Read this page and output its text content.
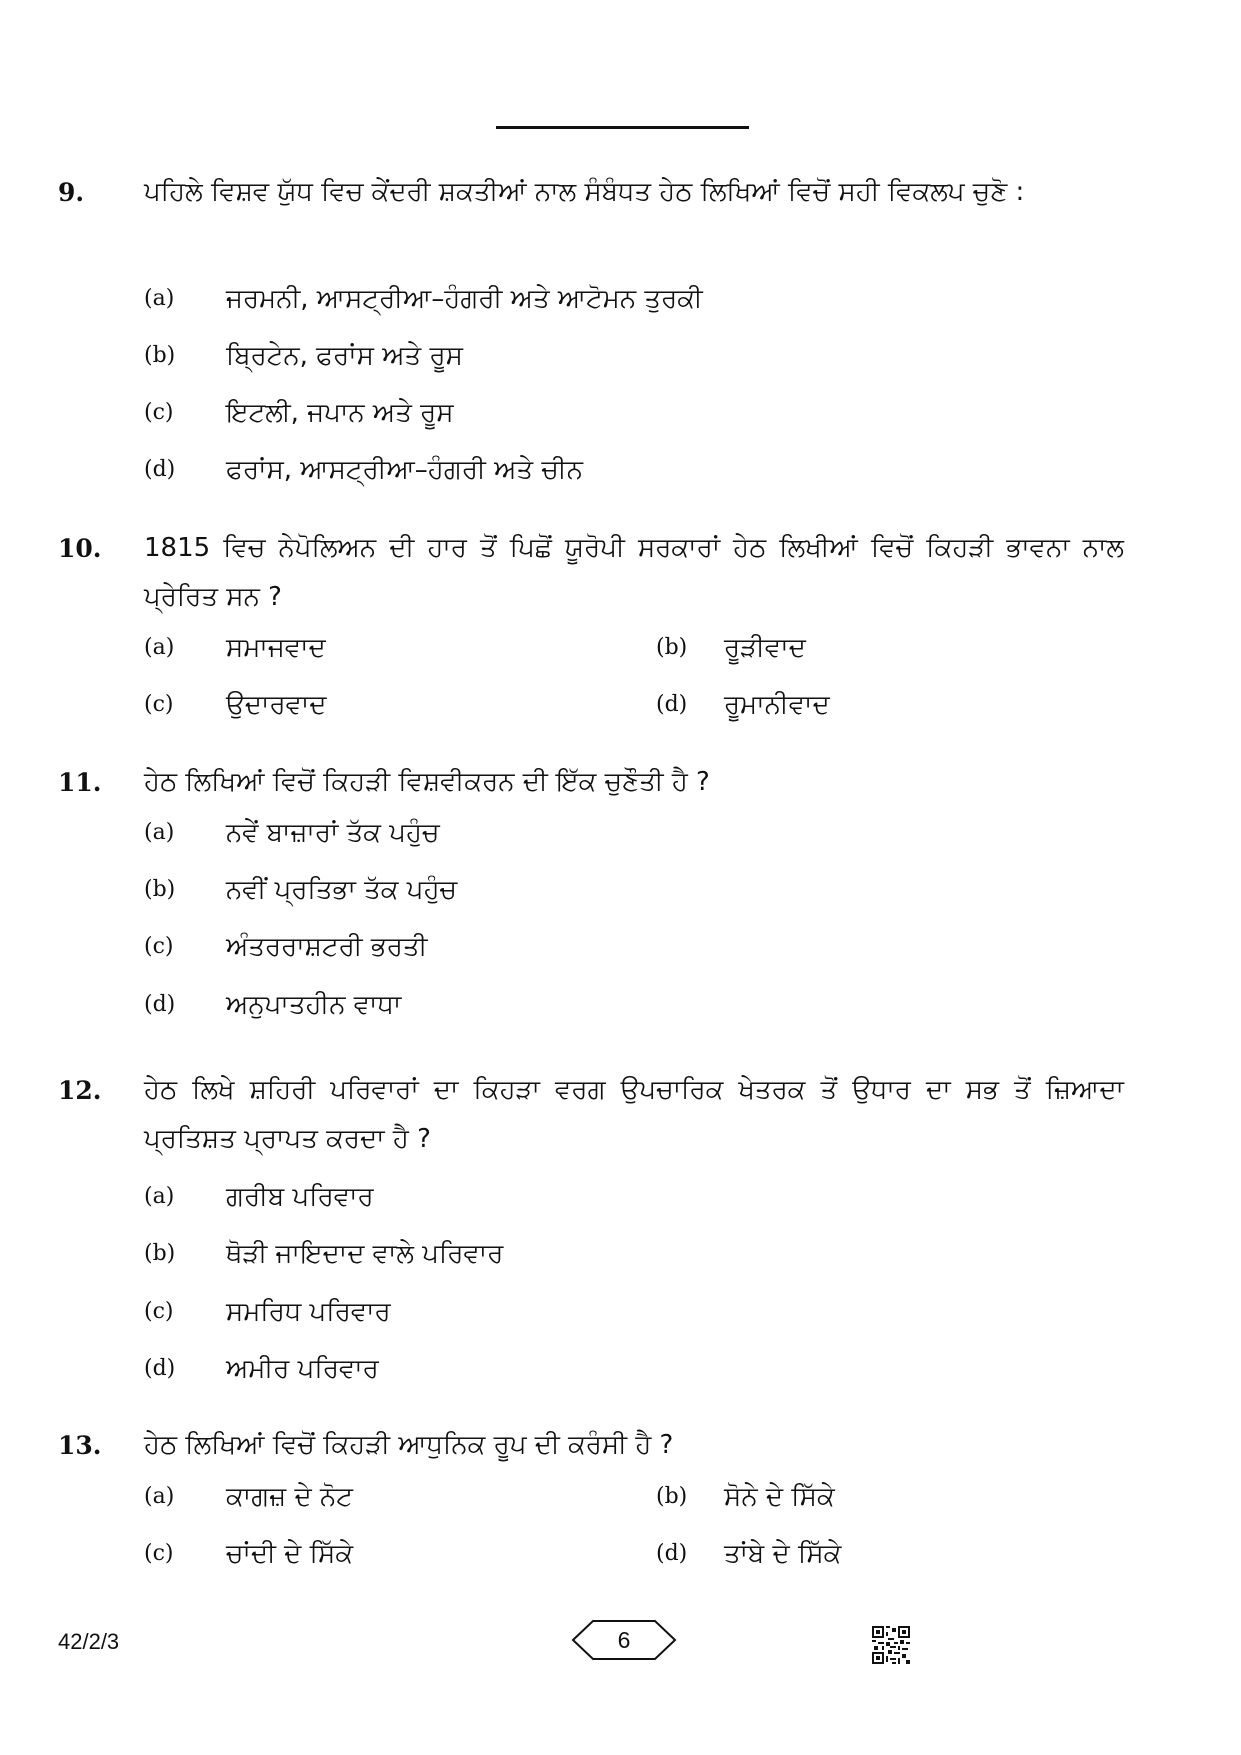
9. ਪਹਿਲੇ ਵਿਸ਼ਵ ਯੁੱਧ ਵਿਚ ਕੇਂਦਰੀ ਸ਼ਕਤੀਆਂ ਨਾਲ ਸੰਬੰਧਤ ਹੇਠ ਲਿਖਿਆਂ ਵਿਚੋਂ ਸਹੀ ਵਿਕਲਪ ਚੁਣੋ :
(a) ਜਰਮਨੀ, ਆਸਟ੍ਰੀਆ–ਹੰਗਰੀ ਅਤੇ ਆਟੋਮਨ ਤੁਰਕੀ
(b) ਬ੍ਰਿਟੇਨ, ਫਰਾਂਸ ਅਤੇ ਰੂਸ
(c) ਇਟਲੀ, ਜਪਾਨ ਅਤੇ ਰੂਸ
(d) ਫਰਾਂਸ, ਆਸਟ੍ਰੀਆ–ਹੰਗਰੀ ਅਤੇ ਚੀਨ
10. 1815 ਵਿਚ ਨੇਪੋਲਿਅਨ ਦੀ ਹਾਰ ਤੋਂ ਪਿਛੋਂ ਯੂਰੋਪੀ ਸਰਕਾਰਾਂ ਹੇਠ ਲਿਖੀਆਂ ਵਿਚੋਂ ਕਿਹੜੀ ਭਾਵਨਾ ਨਾਲ ਪ੍ਰੇਰਿਤ ਸਨ ?
(a) ਸਮਾਜਵਾਦ	(b) ਰੂੜੀਵਾਦ
(c) ਉਦਾਰਵਾਦ	(d) ਰੂਮਾਨੀਵਾਦ
11. ਹੇਠ ਲਿਖਿਆਂ ਵਿਚੋਂ ਕਿਹੜੀ ਵਿਸ਼ਵੀਕਰਨ ਦੀ ਇੱਕ ਚੁਣੌਤੀ ਹੈ ?
(a) ਨਵੇਂ ਬਾਜ਼ਾਰਾਂ ਤੱਕ ਪਹੁੰਚ
(b) ਨਵੀਂ ਪ੍ਰਤਿਭਾ ਤੱਕ ਪਹੁੰਚ
(c) ਅੰਤਰਰਾਸ਼ਟਰੀ ਭਰਤੀ
(d) ਅਨੁਪਾਤਹੀਨ ਵਾਧਾ
12. ਹੇਠ ਲਿਖੇ ਸ਼ਹਿਰੀ ਪਰਿਵਾਰਾਂ ਦਾ ਕਿਹੜਾ ਵਰਗ ਉਪਚਾਰਿਕ ਖੇਤਰਕ ਤੋਂ ਉਧਾਰ ਦਾ ਸਭ ਤੋਂ ਜ਼ਿਆਦਾ ਪ੍ਰਤਿਸ਼ਤ ਪ੍ਰਾਪਤ ਕਰਦਾ ਹੈ ?
(a) ਗਰੀਬ ਪਰਿਵਾਰ
(b) ਥੋੜੀ ਜਾਇਦਾਦ ਵਾਲੇ ਪਰਿਵਾਰ
(c) ਸਮਰਿਧ ਪਰਿਵਾਰ
(d) ਅਮੀਰ ਪਰਿਵਾਰ
13. ਹੇਠ ਲਿਖਿਆਂ ਵਿਚੋਂ ਕਿਹੜੀ ਆਧੁਨਿਕ ਰੂਪ ਦੀ ਕਰੰਸੀ ਹੈ ?
(a) ਕਾਗਜ਼ ਦੇ ਨੋਟ	(b) ਸੋਨੇ ਦੇ ਸਿੱਕੇ
(c) ਚਾਂਦੀ ਦੇ ਸਿੱਕੇ	(d) ਤਾਂਬੇ ਦੇ ਸਿੱਕੇ
42/2/3	6
